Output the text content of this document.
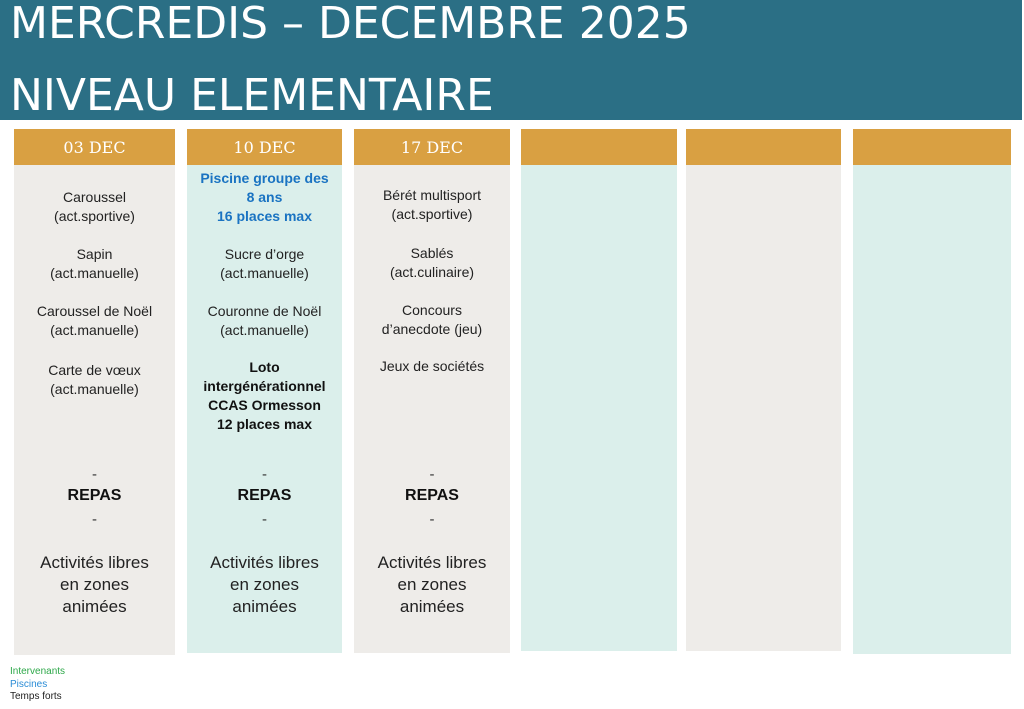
MERCREDIS – DECEMBRE 2025
NIVEAU ELEMENTAIRE
03 DEC
Caroussel
(act.sportive)
Sapin
(act.manuelle)
Caroussel de Noël
(act.manuelle)
Carte de vœux
(act.manuelle)
-
REPAS
-
Activités libres
en zones
animées
10 DEC
Piscine groupe des
8 ans
16 places max
Sucre d’orge
(act.manuelle)
Couronne de Noël
(act.manuelle)
Loto
intergénérationnel
CCAS Ormesson
12 places max
-
REPAS
-
Activités libres
en zones
animées
17 DEC
Bérét multisport
(act.sportive)
Sablés
(act.culinaire)
Concours
d’anecdote (jeu)
Jeux de sociétés
-
REPAS
-
Activités libres
en zones
animées
Intervenants
Piscines
Temps forts
